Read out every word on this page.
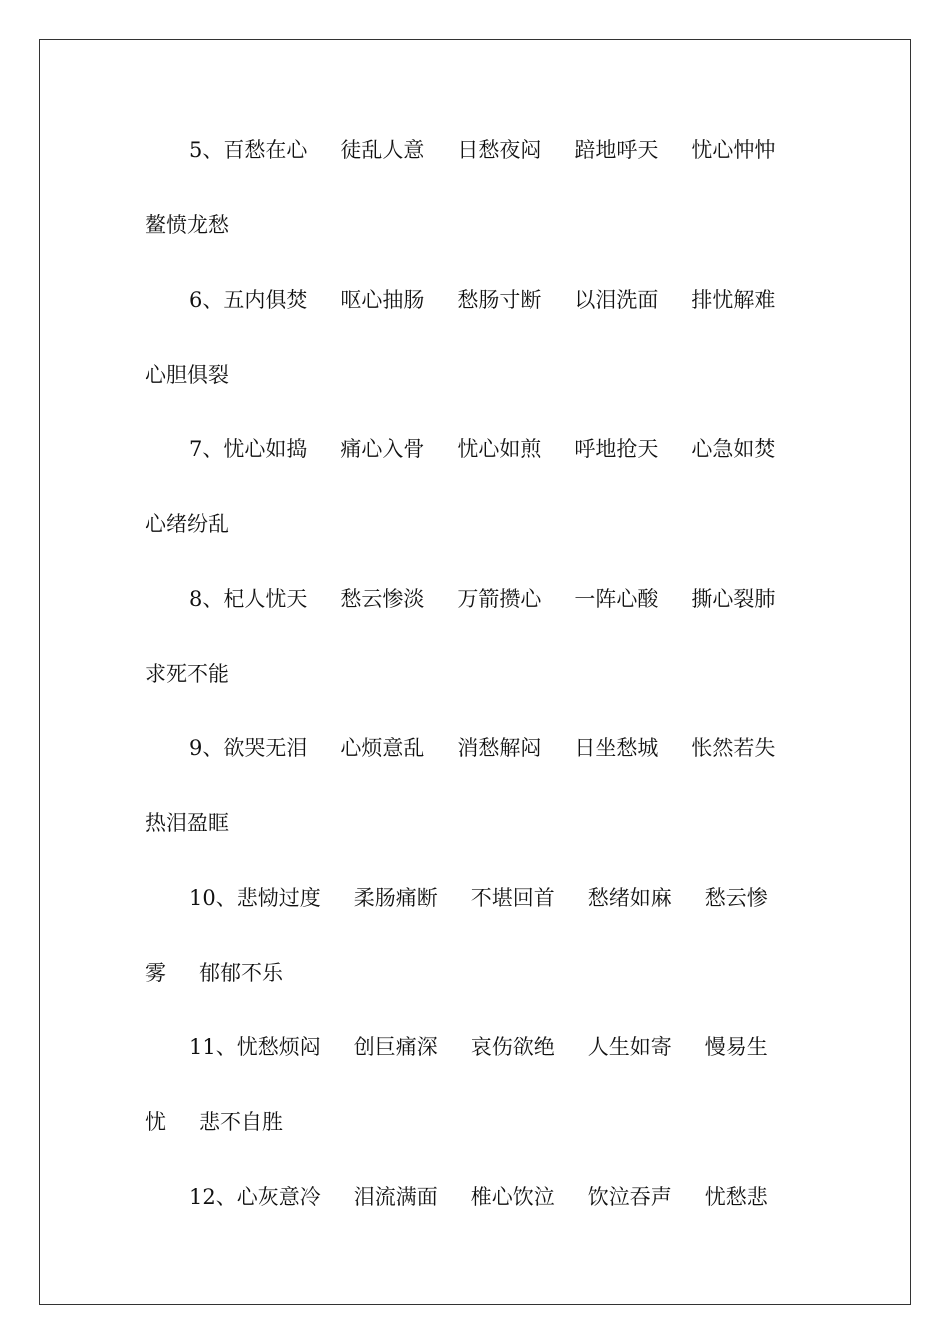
5、百愁在心 徒乱人意 日愁夜闷 踣地呼天 忧心忡忡
鳌愤龙愁
6、五内俱焚 呕心抽肠 愁肠寸断 以泪洗面 排忧解难
心胆俱裂
7、忧心如捣 痛心入骨 忧心如煎 呼地抢天 心急如焚
心绪纷乱
8、杞人忧天 愁云惨淡 万箭攒心 一阵心酸 撕心裂肺
求死不能
9、欲哭无泪 心烦意乱 消愁解闷 日坐愁城 怅然若失
热泪盈眶
10、悲恸过度 柔肠痛断 不堪回首 愁绪如麻 愁云惨
雾 郁郁不乐
11、忧愁烦闷 创巨痛深 哀伤欲绝 人生如寄 慢易生
忧 悲不自胜
12、心灰意冷 泪流满面 椎心饮泣 饮泣吞声 忧愁悲
